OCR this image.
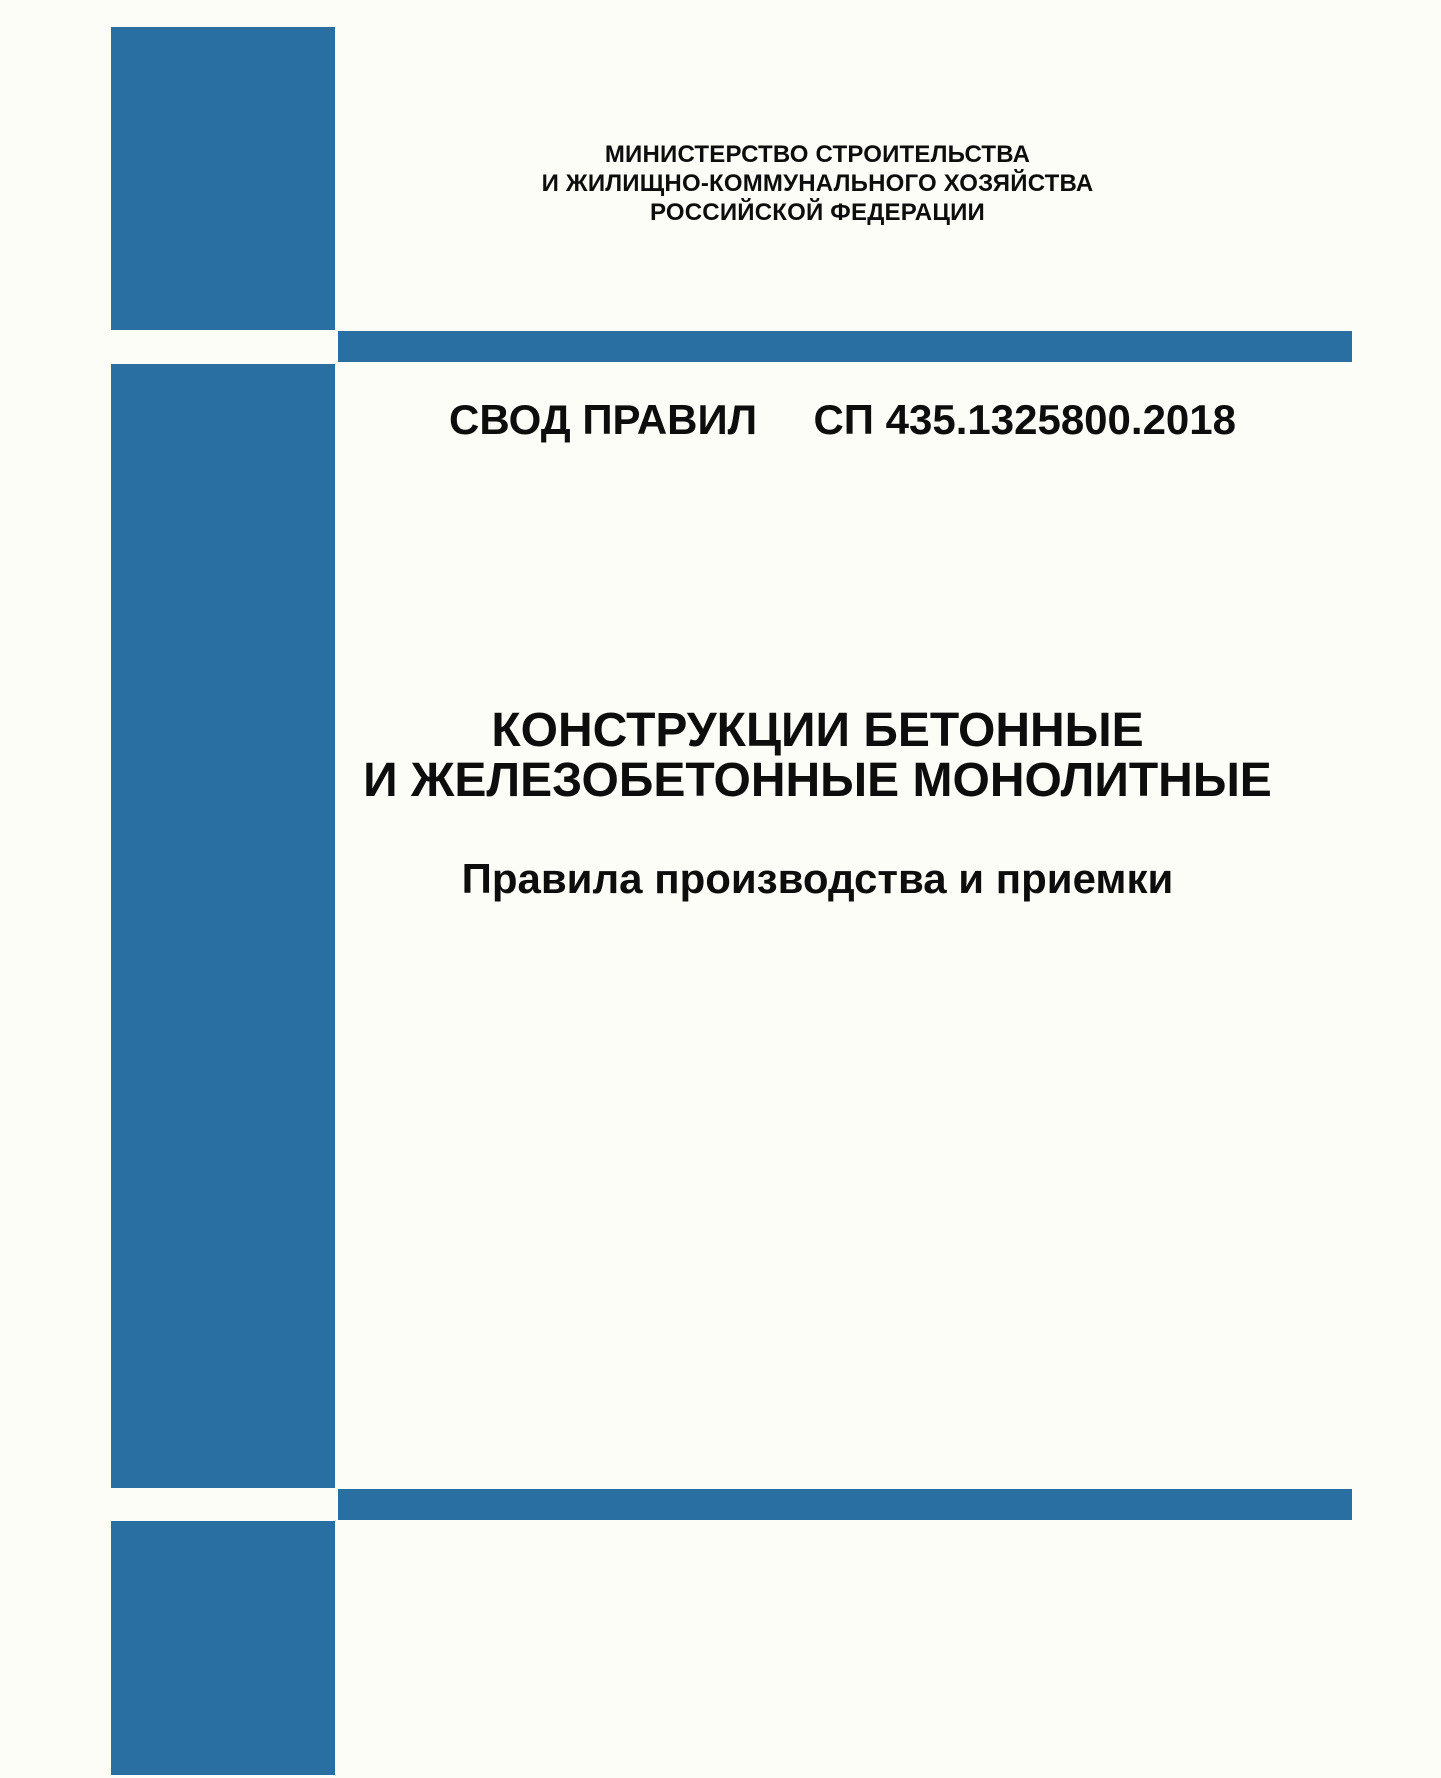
МИНИСТЕРСТВО СТРОИТЕЛЬСТВА
И ЖИЛИЩНО-КОММУНАЛЬНОГО ХОЗЯЙСТВА
РОССИЙСКОЙ ФЕДЕРАЦИИ
СВОД ПРАВИЛ СП 435.1325800.2018
КОНСТРУКЦИИ БЕТОННЫЕ
И ЖЕЛЕЗОБЕТОННЫЕ МОНОЛИТНЫЕ
Правила производства и приемки
